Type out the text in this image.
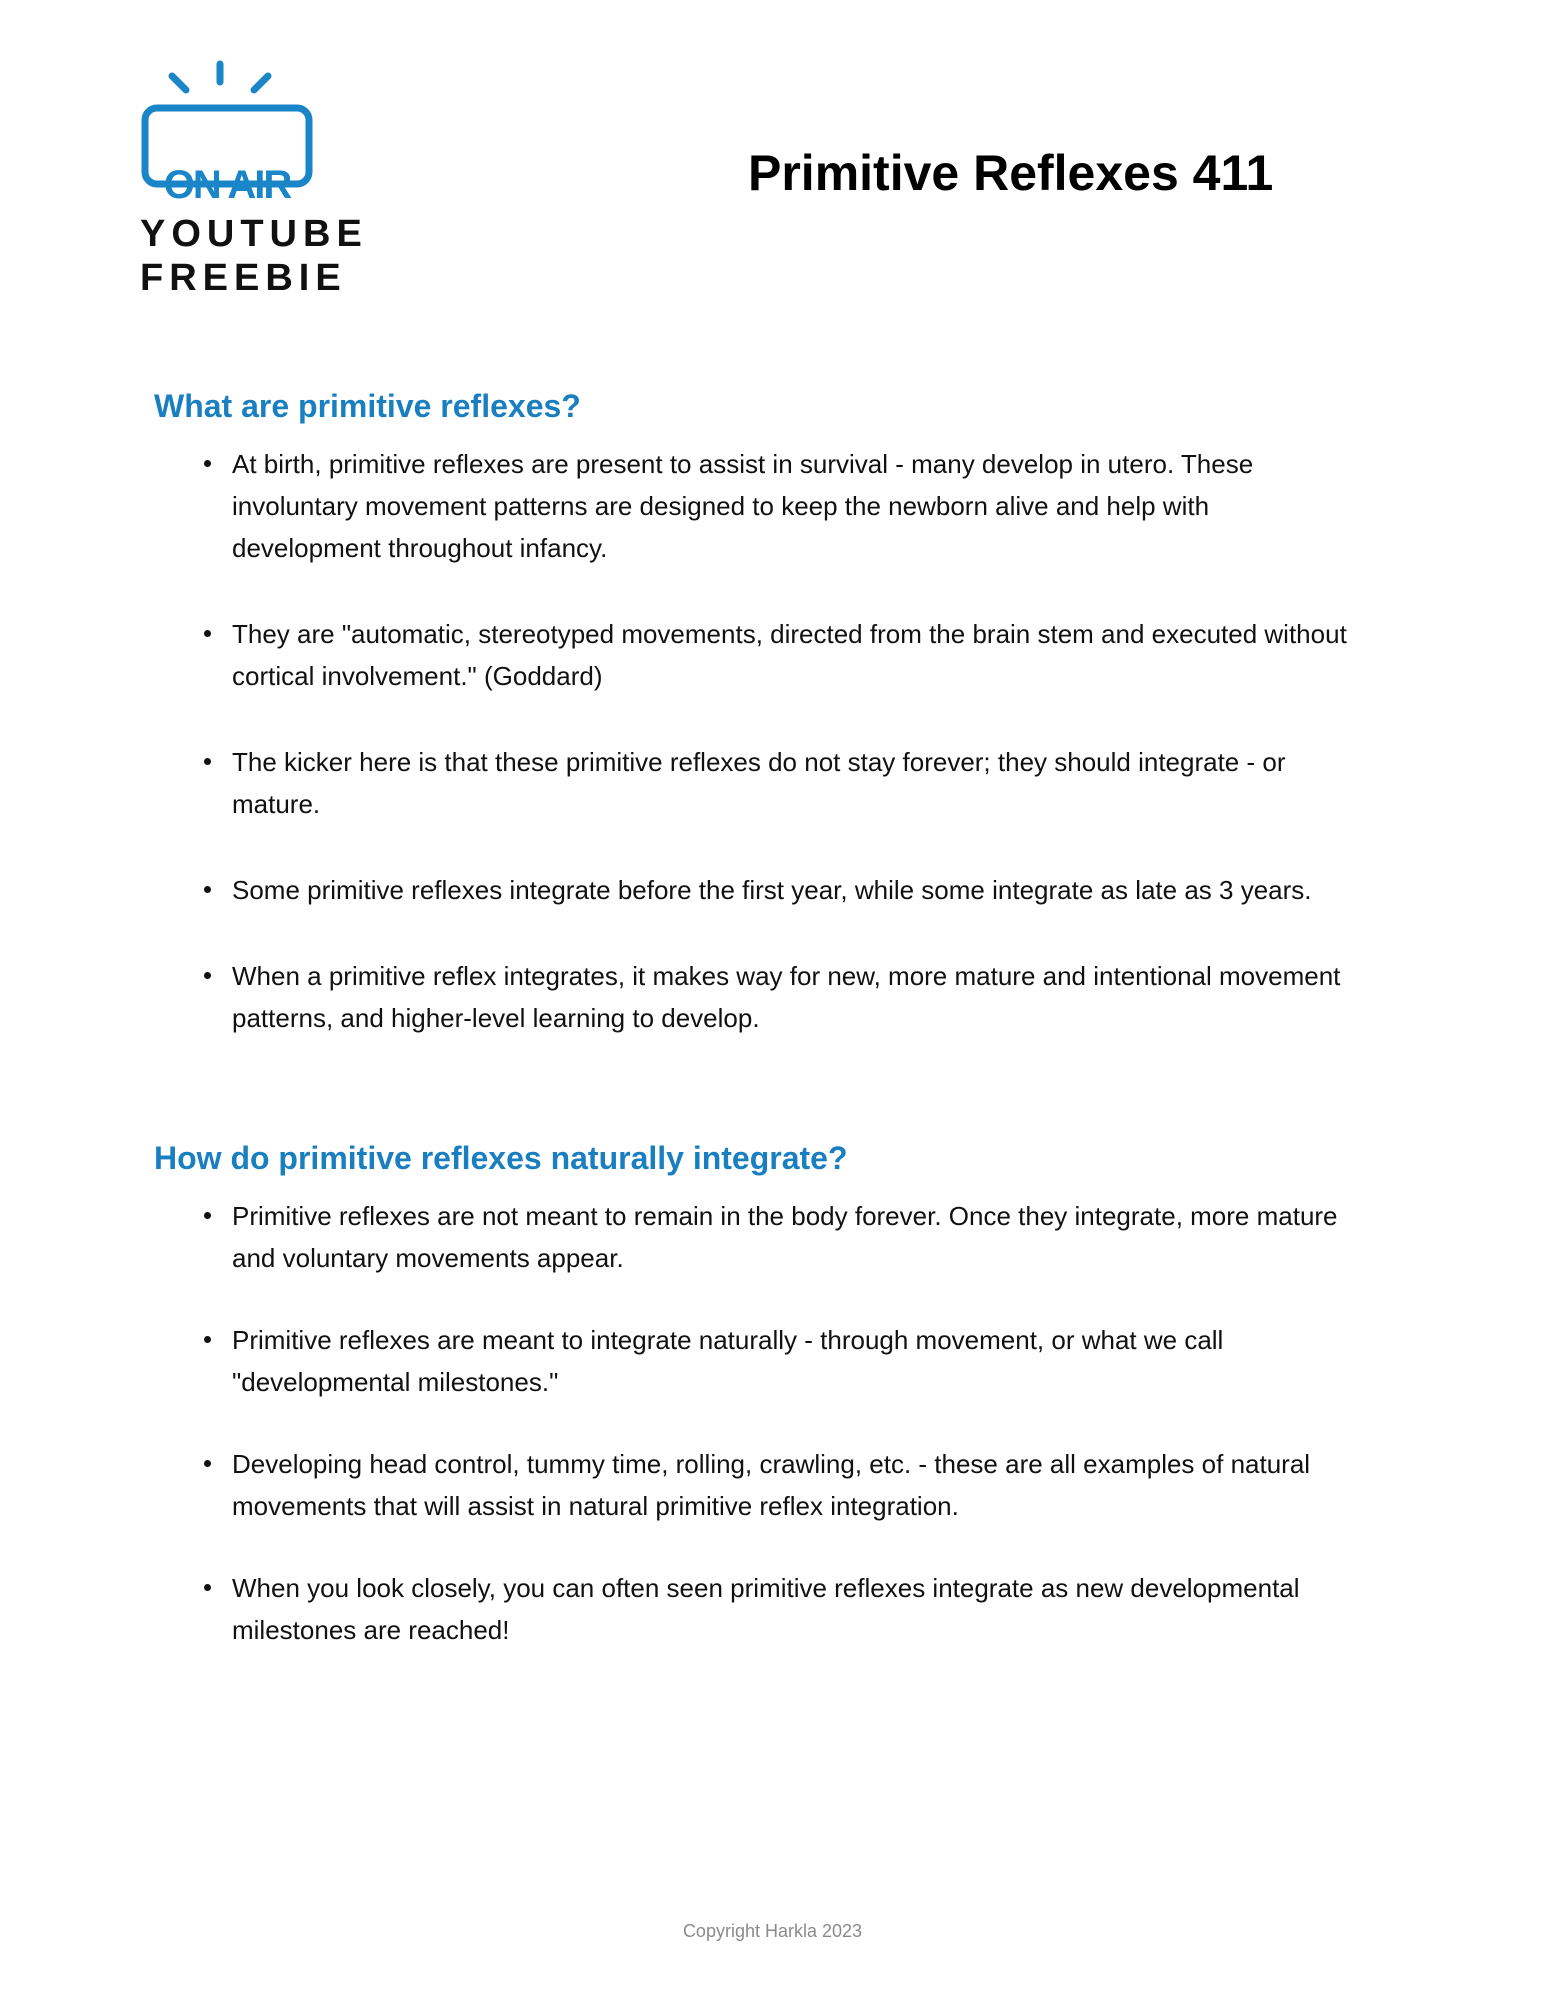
ON AIR
YOUTUBE
FREEBIE
Primitive Reflexes 411
What are primitive reflexes?
At birth, primitive reflexes are present to assist in survival - many develop in utero. These involuntary movement patterns are designed to keep the newborn alive and help with development throughout infancy.
They are "automatic, stereotyped movements, directed from the brain stem and executed without cortical involvement." (Goddard)
The kicker here is that these primitive reflexes do not stay forever; they should integrate - or mature.
Some primitive reflexes integrate before the first year, while some integrate as late as 3 years.
When a primitive reflex integrates, it makes way for new, more mature and intentional movement patterns, and higher-level learning to develop.
How do primitive reflexes naturally integrate?
Primitive reflexes are not meant to remain in the body forever. Once they integrate, more mature and voluntary movements appear.
Primitive reflexes are meant to integrate naturally - through movement, or what we call "developmental milestones."
Developing head control, tummy time, rolling, crawling, etc. - these are all examples of natural movements that will assist in natural primitive reflex integration.
When you look closely, you can often seen primitive reflexes integrate as new developmental milestones are reached!
Copyright Harkla 2023
